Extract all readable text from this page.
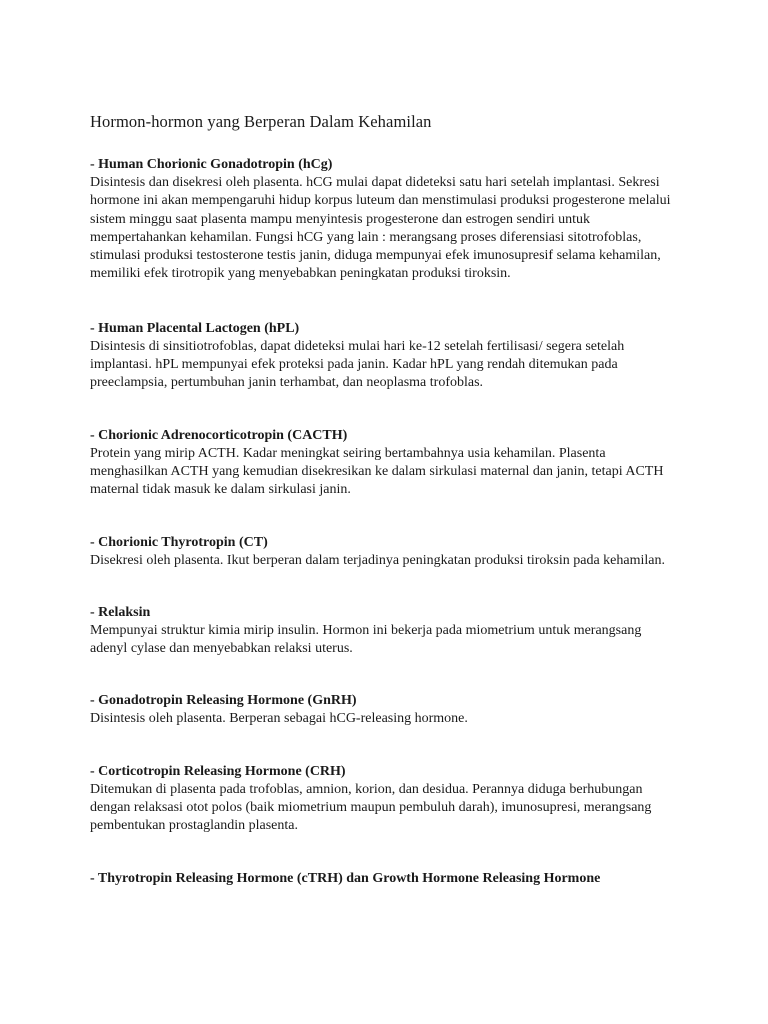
Hormon-hormon yang Berperan Dalam Kehamilan

- Human Chorionic Gonadotropin (hCg)

Disintesis dan disekresi oleh plasenta. hCG mulai dapat dideteksi satu hari setelah implantasi. Sekresi hormone ini akan mempengaruhi hidup korpus luteum dan menstimulasi produksi progesterone melalui sistem minggu saat plasenta mampu menyintesis progesterone dan estrogen sendiri untuk mempertahankan kehamilan. Fungsi hCG yang lain : merangsang proses diferensiasi sitotrofoblas, stimulasi produksi testosterone testis janin, diduga mempunyai efek imunosupresif selama kehamilan, memiliki efek tirotropik yang menyebabkan peningkatan produksi tiroksin.

- Human Placental Lactogen (hPL)

Disintesis di sinsitiotrofoblas, dapat dideteksi mulai hari ke-12 setelah fertilisasi/ segera setelah implantasi. hPL mempunyai efek proteksi pada janin. Kadar hPL yang rendah ditemukan pada preeclampsia, pertumbuhan janin terhambat, dan neoplasma trofoblas.

- Chorionic Adrenocorticotropin (CACTH)

Protein yang mirip ACTH. Kadar meningkat seiring bertambahnya usia kehamilan. Plasenta menghasilkan ACTH yang kemudian disekresikan ke dalam sirkulasi maternal dan janin, tetapi ACTH maternal tidak masuk ke dalam sirkulasi janin.

- Chorionic Thyrotropin (CT)

Disekresi oleh plasenta. Ikut berperan dalam terjadinya peningkatan produksi tiroksin pada kehamilan.

- Relaksin

Mempunyai struktur kimia mirip insulin. Hormon ini bekerja pada miometrium untuk merangsang adenyl cylase dan menyebabkan relaksi uterus.

- Gonadotropin Releasing Hormone (GnRH)

Disintesis oleh plasenta. Berperan sebagai hCG-releasing hormone.

- Corticotropin Releasing Hormone (CRH)

Ditemukan di plasenta pada trofoblas, amnion, korion, dan desidua. Perannya diduga berhubungan dengan relaksasi otot polos (baik miometrium maupun pembuluh darah), imunosupresi, merangsang pembentukan prostaglandin plasenta.

- Thyrotropin Releasing Hormone (cTRH) dan Growth Hormone Releasing Hormone
